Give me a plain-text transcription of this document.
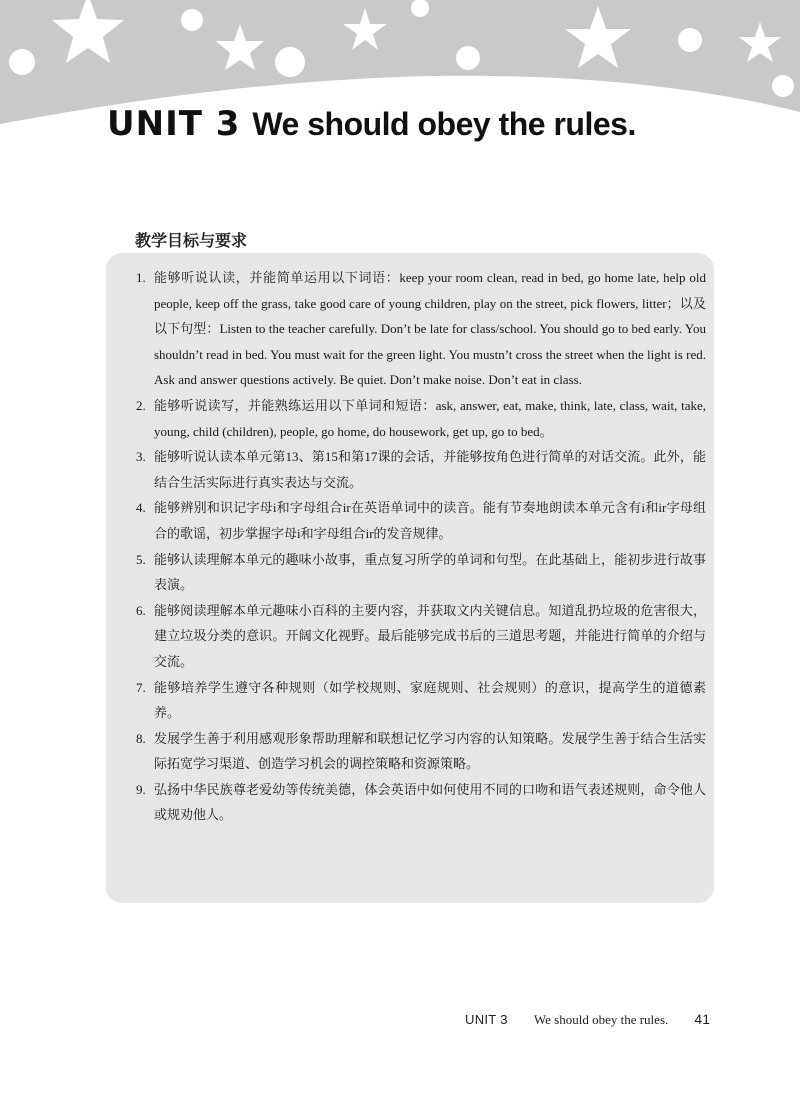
UNIT 3 We should obey the rules.
教学目标与要求
1. 能够听说认读，并能简单运用以下词语：keep your room clean, read in bed, go home late, help old people, keep off the grass, take good care of young children, play on the street, pick flowers, litter；以及以下句型：Listen to the teacher carefully. Don’t be late for class/school. You should go to bed early. You shouldn’t read in bed. You must wait for the green light. You mustn’t cross the street when the light is red. Ask and answer questions actively. Be quiet. Don’t make noise. Don’t eat in class.
2. 能够听说读写，并能熟练运用以下单词和短语：ask, answer, eat, make, think, late, class, wait, take, young, child (children), people, go home, do housework, get up, go to bed。
3. 能够听说认读本单元第13、第15和第17课的会话，并能够按角色进行简单的对话交流。此外，能结合生活实际进行真实表达与交流。
4. 能够辨别和识记字母i和字母组合ir在英语单词中的读音。能有节奏地朗读本单元含有i和ir字母组合的歌谣，初步掌握字母i和字母组合ir的发音规律。
5. 能够认读理解本单元的趣味小故事，重点复习所学的单词和句型。在此基础上，能初步进行故事表演。
6. 能够阅读理解本单元趣味小百科的主要内容，并获取文内关键信息。知道乱扔垃圾的危害很大，建立垃圾分类的意识。开阔文化视野。最后能够完成书后的三道思考题，并能进行简单的介绍与交流。
7. 能够培养学生遵守各种规则（如学校规则、家庭规则、社会规则）的意识，提高学生的道德素养。
8. 发展学生善于利用感观形象帮助理解和联想记忆学习内容的认知策略。发展学生善于结合生活实际拓宽学习渠道、创造学习机会的调控策略和资源策略。
9. 弘扬中华民族尊老爱幼等传统美德，体会英语中如何使用不同的口吻和语气表述规则，命令他人或规劝他人。
UNIT 3 We should obey the rules. 41
